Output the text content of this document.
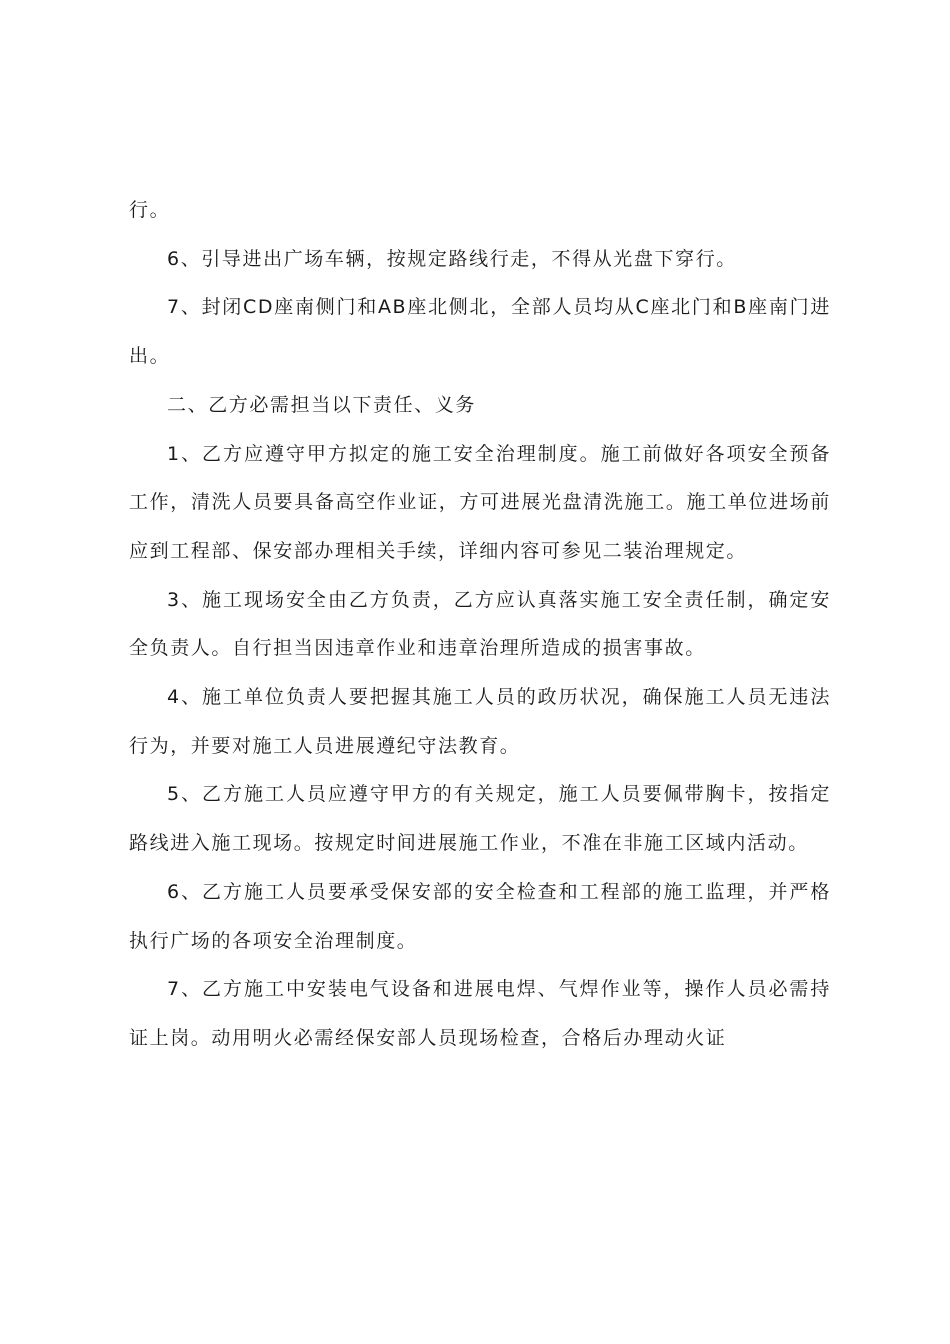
行。

6、引导进出广场车辆，按规定路线行走，不得从光盘下穿行。

7、封闭CD座南侧门和AB座北侧北，全部人员均从C座北门和B座南门进出。

二、乙方必需担当以下责任、义务

1、乙方应遵守甲方拟定的施工安全治理制度。施工前做好各项安全预备工作，清洗人员要具备高空作业证，方可进展光盘清洗施工。施工单位进场前应到工程部、保安部办理相关手续，详细内容可参见二装治理规定。

3、施工现场安全由乙方负责，乙方应认真落实施工安全责任制，确定安全负责人。自行担当因违章作业和违章治理所造成的损害事故。

4、施工单位负责人要把握其施工人员的政历状况，确保施工人员无违法行为，并要对施工人员进展遵纪守法教育。

5、乙方施工人员应遵守甲方的有关规定，施工人员要佩带胸卡，按指定路线进入施工现场。按规定时间进展施工作业，不准在非施工区域内活动。

6、乙方施工人员要承受保安部的安全检查和工程部的施工监理，并严格执行广场的各项安全治理制度。

7、乙方施工中安装电气设备和进展电焊、气焊作业等，操作人员必需持证上岗。动用明火必需经保安部人员现场检查，合格后办理动火证
